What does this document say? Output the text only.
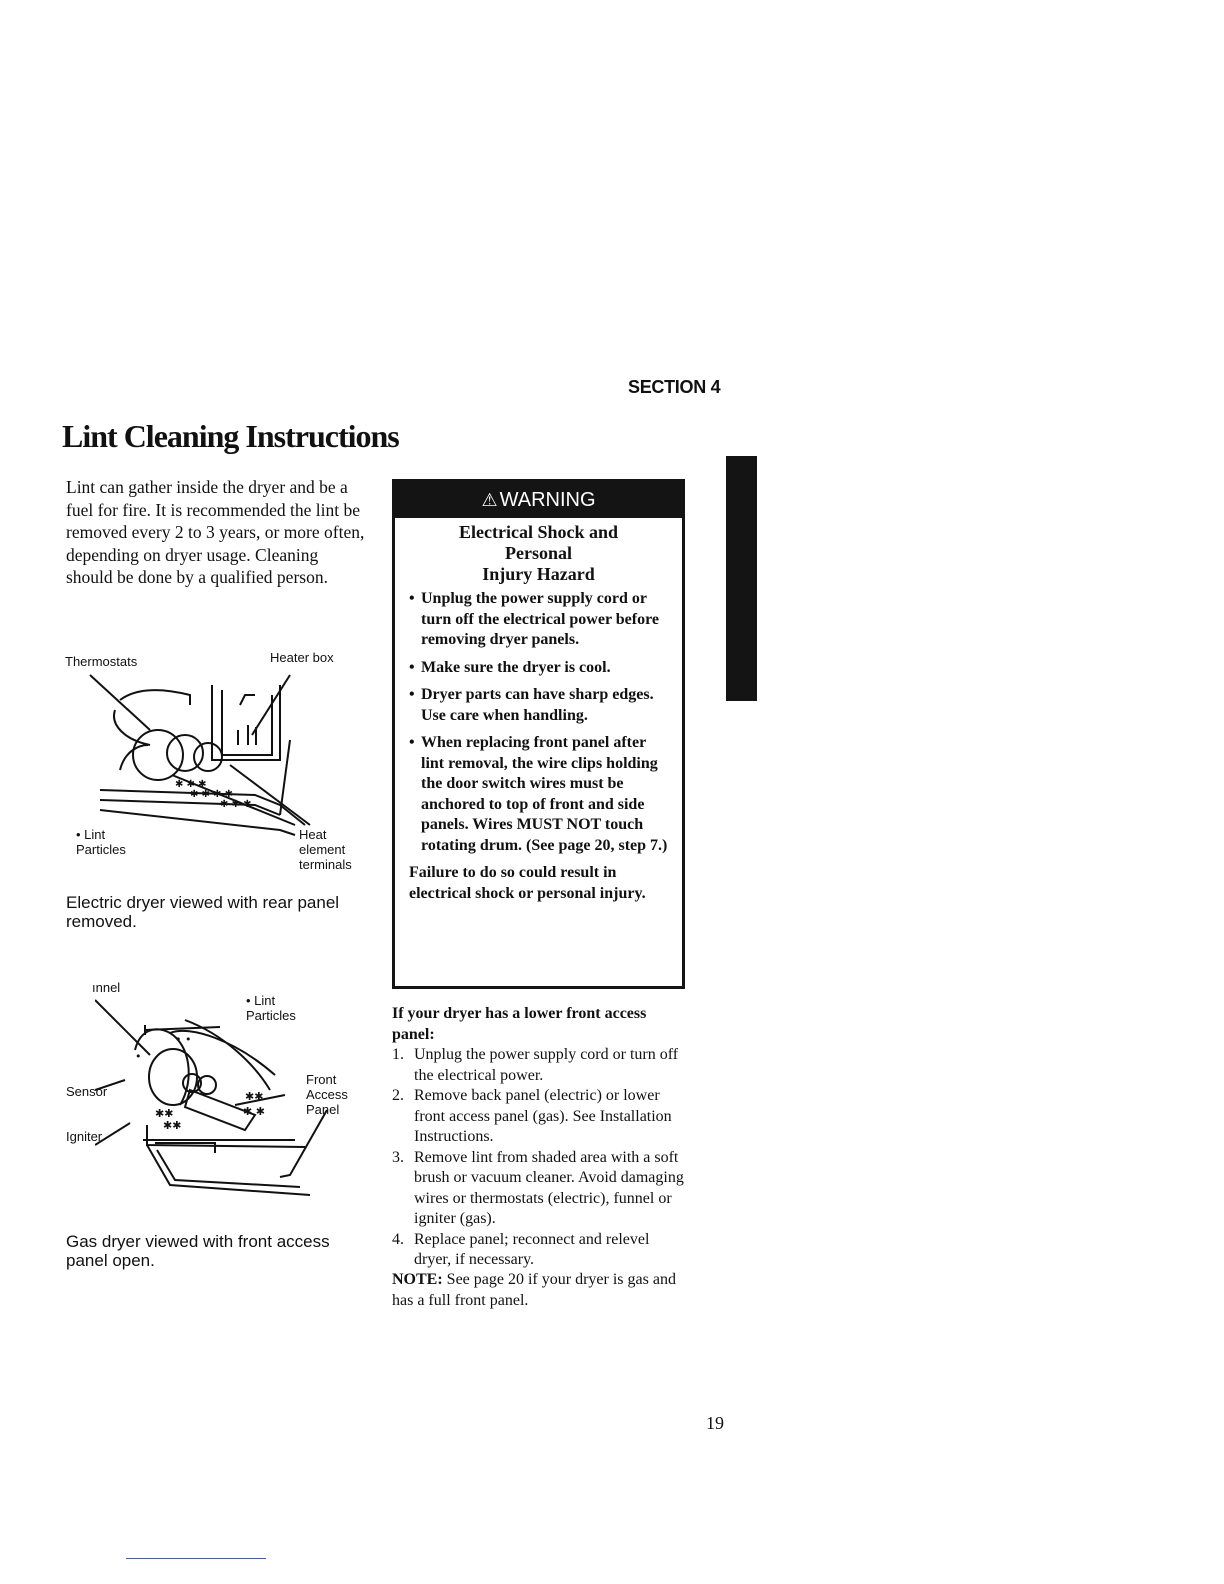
SECTION 4
Lint Cleaning Instructions
Lint can gather inside the dryer and be a fuel for fire. It is recommended the lint be removed every 2 to 3 years, or more often, depending on dryer usage. Cleaning should be done by a qualified person.
Thermostats	Heater box
✱ ✱ ✱
✱ ✱ ✱ ✱
✱ ✱ ✱
• Lint
Particles
Heat
element
terminals
Electric dryer viewed with rear panel removed.
ınnel
• Lint
Particles
Sensor
Igniter
Front
Access
Panel
•
• •
✱✱
✱✱
✱✱
✱ ✱
Gas dryer viewed with front access panel open.
⚠ WARNING
Electrical Shock and
Personal
Injury Hazard
• Unplug the power supply cord or turn off the electrical power before removing dryer panels.
• Make sure the dryer is cool.
• Dryer parts can have sharp edges. Use care when handling.
• When replacing front panel after lint removal, the wire clips holding the door switch wires must be anchored to top of front and side panels. Wires MUST NOT touch rotating drum. (See page 20, step 7.)
Failure to do so could result in electrical shock or personal injury.
If your dryer has a lower front access panel:
1. Unplug the power supply cord or turn off the electrical power.
2. Remove back panel (electric) or lower front access panel (gas). See Installation Instructions.
3. Remove lint from shaded area with a soft brush or vacuum cleaner. Avoid damaging wires or thermostats (electric), funnel or igniter (gas).
4. Replace panel; reconnect and relevel dryer, if necessary.
NOTE: See page 20 if your dryer is gas and has a full front panel.
19
